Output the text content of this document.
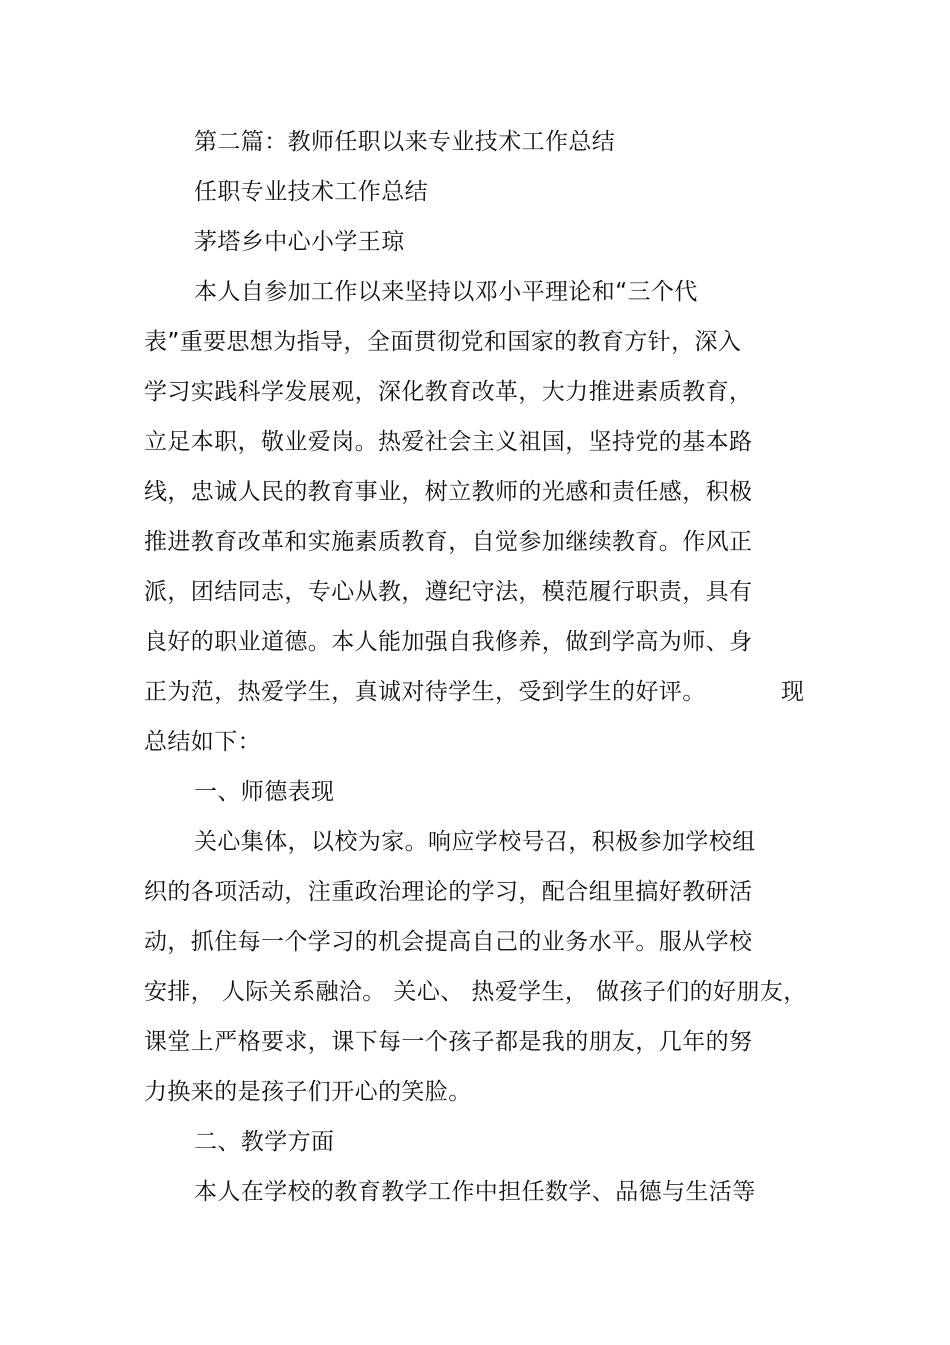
第二篇：教师任职以来专业技术工作总结
任职专业技术工作总结
茅塔乡中心小学王琼
本人自参加工作以来坚持以邓小平理论和“三个代
表”重要思想为指导，全面贯彻党和国家的教育方针，深入
学习实践科学发展观，深化教育改革，大力推进素质教育，
立足本职，敬业爱岗。热爱社会主义祖国，坚持党的基本路
线，忠诚人民的教育事业，树立教师的光感和责任感，积极
推进教育改革和实施素质教育，自觉参加继续教育。作风正
派，团结同志，专心从教，遵纪守法，模范履行职责，具有
良好的职业道德。本人能加强自我修养，做到学高为师、身
正为范，热爱学生，真诚对待学生，受到学生的好评。	现
总结如下：
一、师德表现
关心集体，以校为家。响应学校号召，积极参加学校组
织的各项活动，注重政治理论的学习，配合组里搞好教研活
动，抓住每一个学习的机会提高自己的业务水平。服从学校
安排， 人际关系融洽。 关心、 热爱学生， 做孩子们的好朋友，
课堂上严格要求，课下每一个孩子都是我的朋友，几年的努
力换来的是孩子们开心的笑脸。
二、教学方面
本人在学校的教育教学工作中担任数学、品德与生活等
